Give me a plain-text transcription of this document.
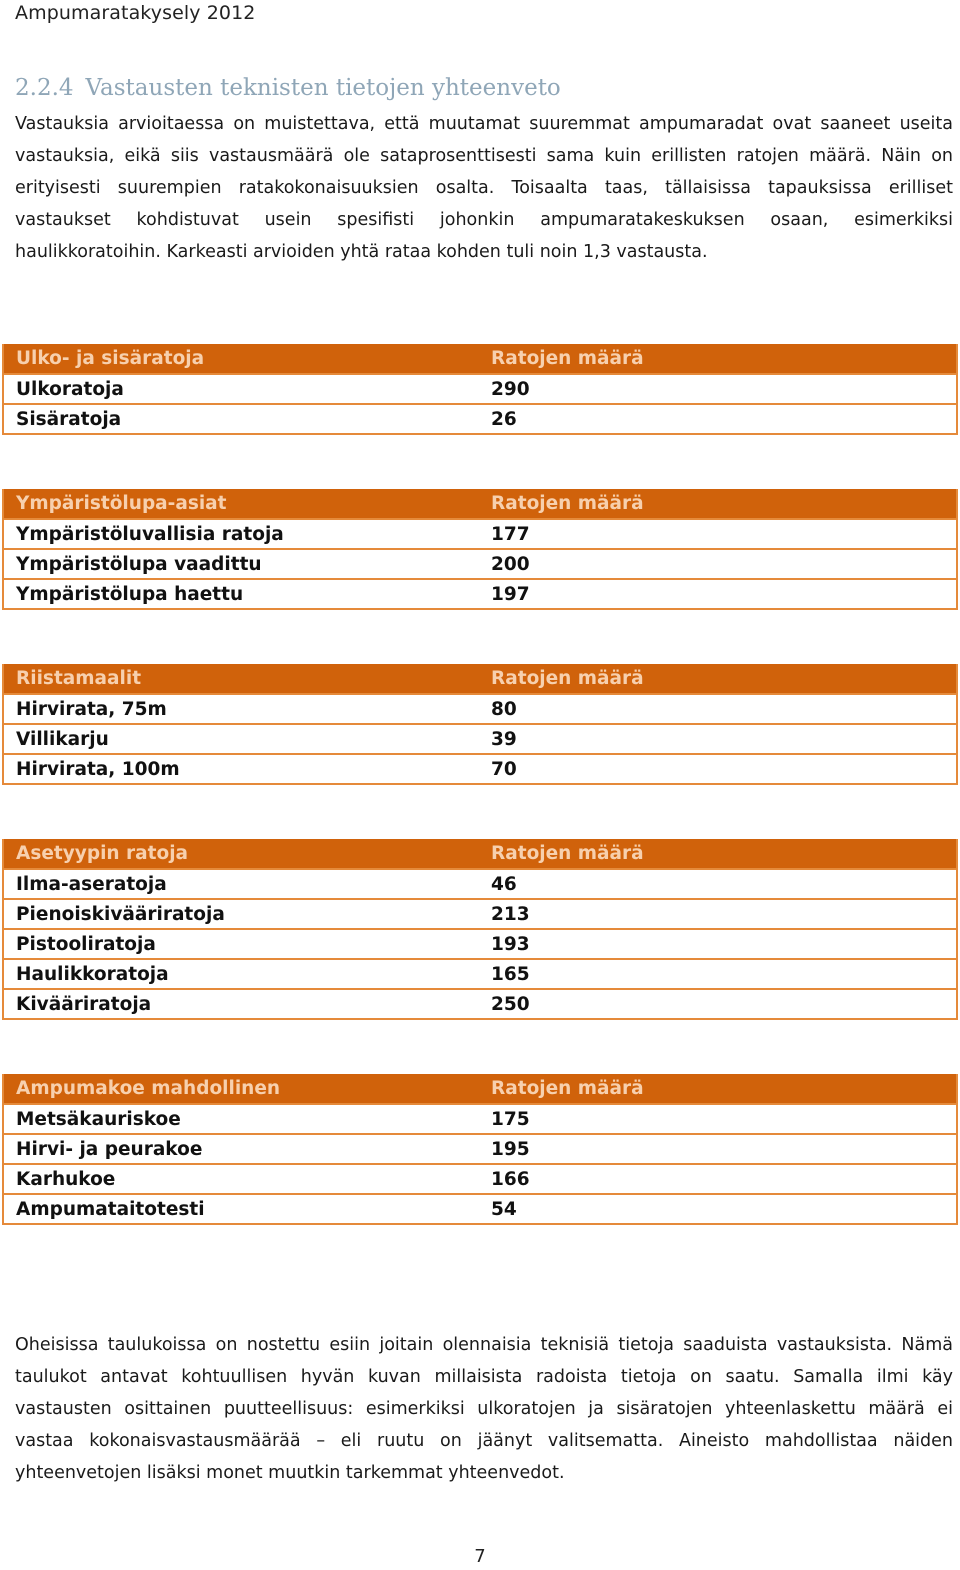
Ampumaratakysely 2012
2.2.4 Vastausten teknisten tietojen yhteenveto
Vastauksia arvioitaessa on muistettava, että muutamat suuremmat ampumaradat ovat saaneet useita vastauksia, eikä siis vastausmäärä ole sataprosenttisesti sama kuin erillisten ratojen määrä. Näin on erityisesti suurempien ratakokonaisuuksien osalta. Toisaalta taas, tällaisissa tapauksissa erilliset vastaukset kohdistuvat usein spesifisti johonkin ampumaratakeskuksen osaan, esimerkiksi haulikkoratoihin. Karkeasti arvioiden yhtä rataa kohden tuli noin 1,3 vastausta.
Ulko- ja sisäratoja	Ratojen määrä
Ulkoratoja	290
Sisäratoja	26
Ympäristölupa-asiat	Ratojen määrä
Ympäristöluvallisia ratoja	177
Ympäristölupa vaadittu	200
Ympäristölupa haettu	197
Riistamaalit	Ratojen määrä
Hirvirata, 75m	80
Villikarju	39
Hirvirata, 100m	70
Asetyypin ratoja	Ratojen määrä
Ilma-aseratoja	46
Pienoiskivääriratoja	213
Pistooliratoja	193
Haulikkoratoja	165
Kivääriratoja	250
Ampumakoe mahdollinen	Ratojen määrä
Metsäkauriskoe	175
Hirvi- ja peurakoe	195
Karhukoe	166
Ampumataitotesti	54
Oheisissa taulukoissa on nostettu esiin joitain olennaisia teknisiä tietoja saaduista vastauksista. Nämä taulukot antavat kohtuullisen hyvän kuvan millaisista radoista tietoja on saatu. Samalla ilmi käy vastausten osittainen puutteellisuus: esimerkiksi ulkoratojen ja sisäratojen yhteenlaskettu määrä ei vastaa kokonaisvastausmäärää – eli ruutu on jäänyt valitsematta. Aineisto mahdollistaa näiden yhteenvetojen lisäksi monet muutkin tarkemmat yhteenvedot.
7
